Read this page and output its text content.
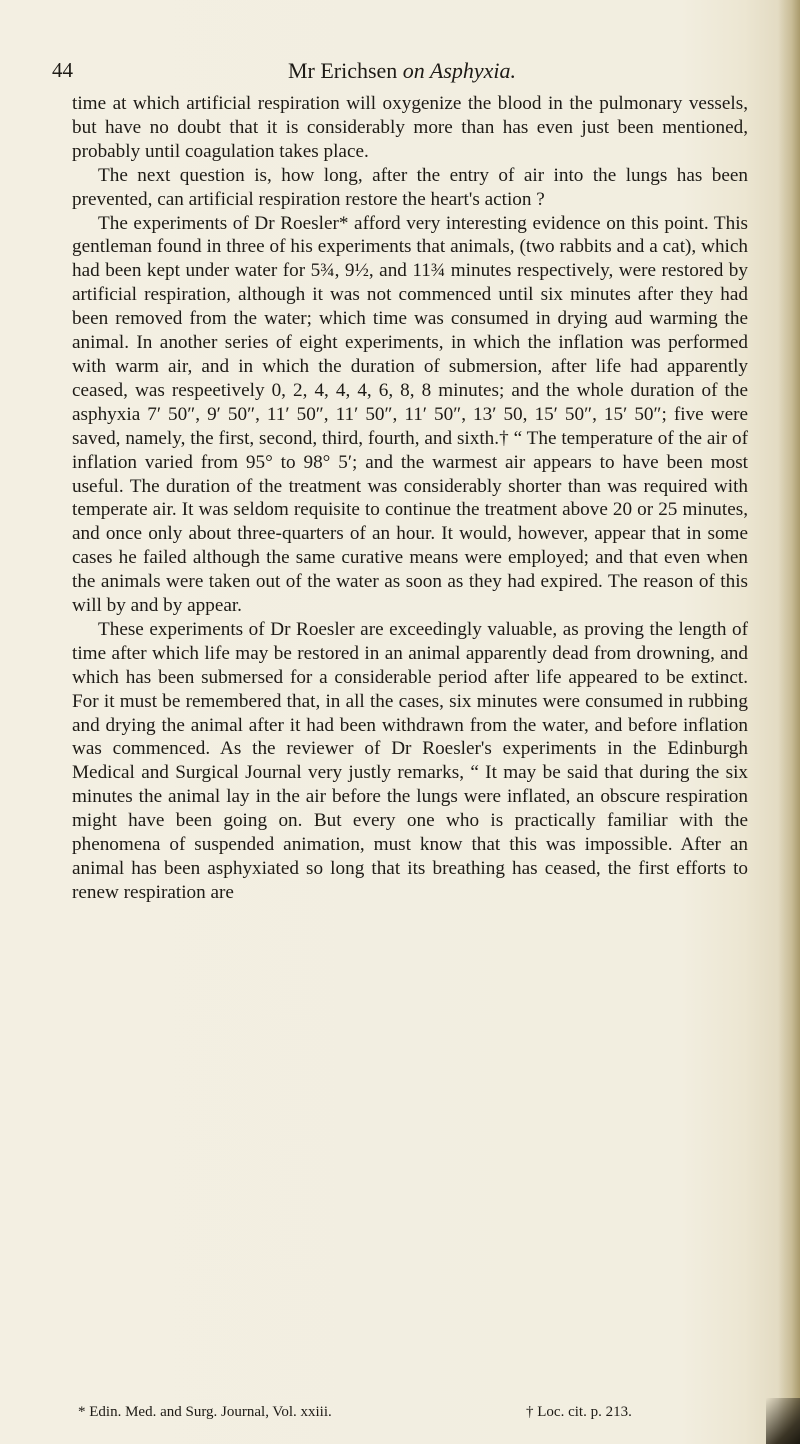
44	Mr Erichsen on Asphyxia.

time at which artificial respiration will oxygenize the blood in the pulmonary vessels, but have no doubt that it is considerably more than has even just been mentioned, probably until coagulation takes place.

The next question is, how long, after the entry of air into the lungs has been prevented, can artificial respiration restore the heart's action ?

The experiments of Dr Roesler* afford very interesting evidence on this point. This gentleman found in three of his experiments that animals, (two rabbits and a cat), which had been kept under water for 5¾, 9½, and 11¾ minutes respectively, were restored by artificial respiration, although it was not commenced until six minutes after they had been removed from the water; which time was consumed in drying aud warming the animal. In another series of eight experiments, in which the inflation was performed with warm air, and in which the duration of submersion, after life had apparently ceased, was respeetively 0, 2, 4, 4, 4, 6, 8, 8 minutes; and the whole duration of the asphyxia 7′ 50″, 9′ 50″, 11′ 50″, 11′ 50″, 11′ 50″, 13′ 50, 15′ 50″, 15′ 50″; five were saved, namely, the first, second, third, fourth, and sixth.† “ The temperature of the air of inflation varied from 95° to 98° 5′; and the warmest air appears to have been most useful. The duration of the treatment was considerably shorter than was required with temperate air. It was seldom requisite to continue the treatment above 20 or 25 minutes, and once only about three-quarters of an hour. It would, however, appear that in some cases he failed although the same curative means were employed; and that even when the animals were taken out of the water as soon as they had expired. The reason of this will by and by appear.

These experiments of Dr Roesler are exceedingly valuable, as proving the length of time after which life may be restored in an animal apparently dead from drowning, and which has been submersed for a considerable period after life appeared to be extinct. For it must be remembered that, in all the cases, six minutes were consumed in rubbing and drying the animal after it had been withdrawn from the water, and before inflation was commenced. As the reviewer of Dr Roesler's experiments in the Edinburgh Medical and Surgical Journal very justly remarks, “ It may be said that during the six minutes the animal lay in the air before the lungs were inflated, an obscure respiration might have been going on. But every one who is practically familiar with the phenomena of suspended animation, must know that this was impossible. After an animal has been asphyxiated so long that its breathing has ceased, the first efforts to renew respiration are

* Edin. Med. and Surg. Journal, Vol. xxiii.	† Loc. cit. p. 213.
